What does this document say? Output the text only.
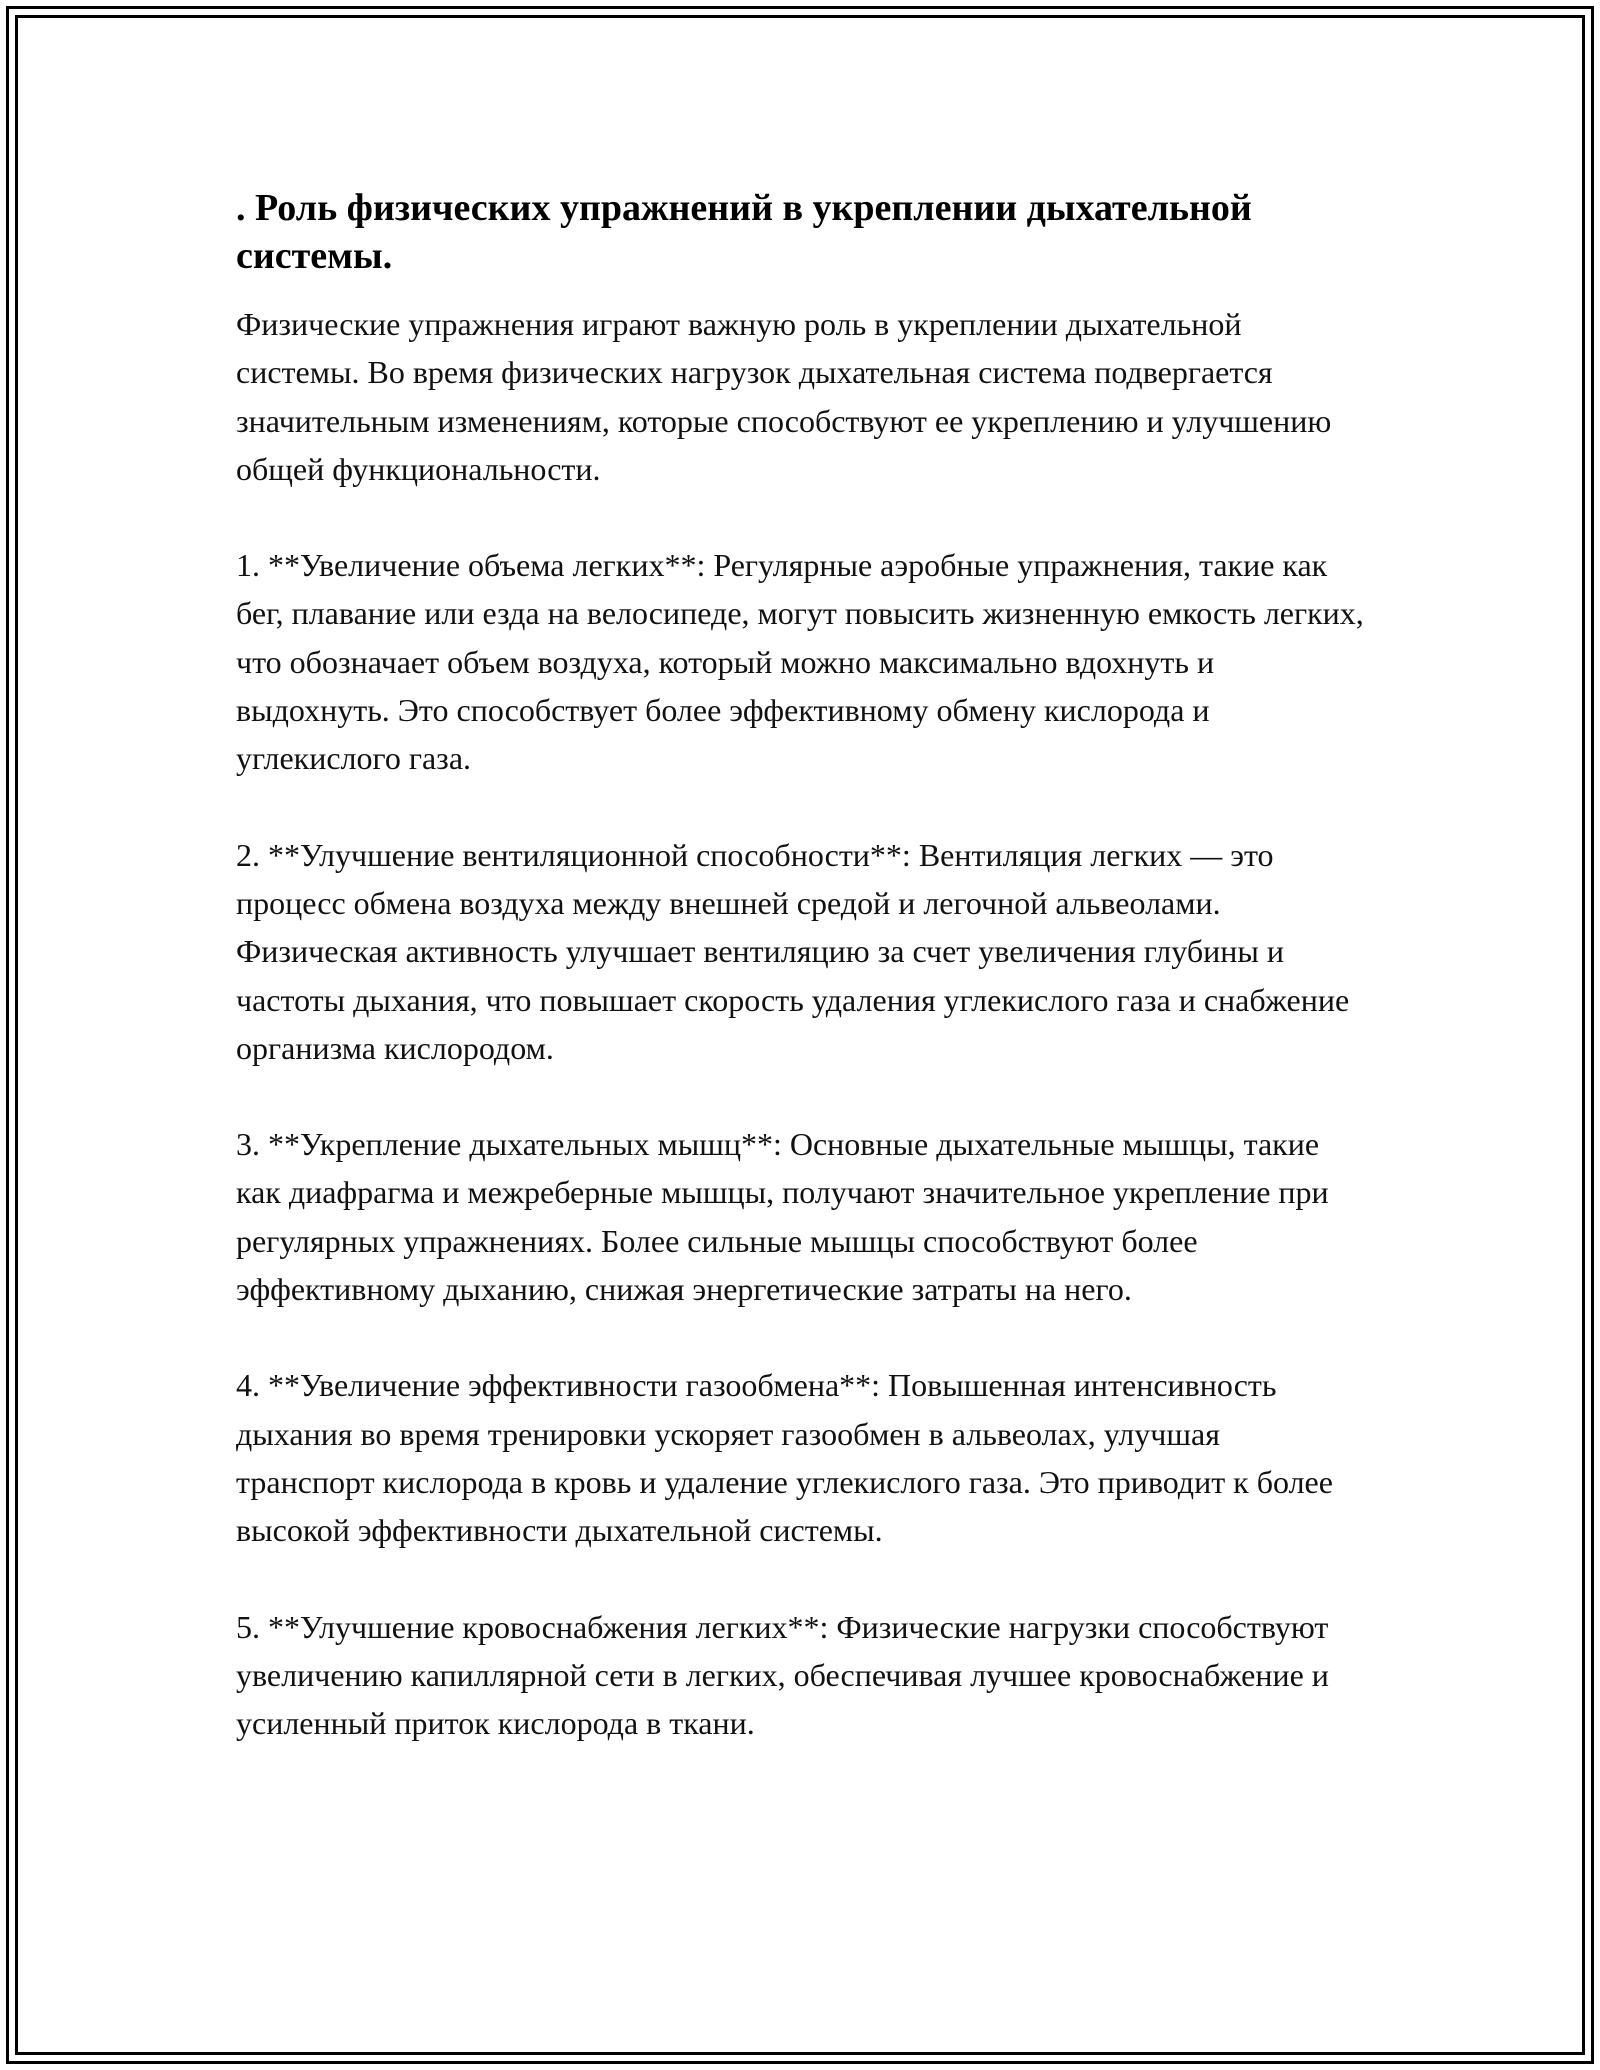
. Роль физических упражнений в укреплении дыхательной системы.

Физические упражнения играют важную роль в укреплении дыхательной системы. Во время физических нагрузок дыхательная система подвергается значительным изменениям, которые способствуют ее укреплению и улучшению общей функциональности.

1. **Увеличение объема легких**: Регулярные аэробные упражнения, такие как бег, плавание или езда на велосипеде, могут повысить жизненную емкость легких, что обозначает объем воздуха, который можно максимально вдохнуть и выдохнуть. Это способствует более эффективному обмену кислорода и углекислого газа.

2. **Улучшение вентиляционной способности**: Вентиляция легких — это процесс обмена воздуха между внешней средой и легочной альвеолами. Физическая активность улучшает вентиляцию за счет увеличения глубины и частоты дыхания, что повышает скорость удаления углекислого газа и снабжение организма кислородом.

3. **Укрепление дыхательных мышц**: Основные дыхательные мышцы, такие как диафрагма и межреберные мышцы, получают значительное укрепление при регулярных упражнениях. Более сильные мышцы способствуют более эффективному дыханию, снижая энергетические затраты на него.

4. **Увеличение эффективности газообмена**: Повышенная интенсивность дыхания во время тренировки ускоряет газообмен в альвеолах, улучшая транспорт кислорода в кровь и удаление углекислого газа. Это приводит к более высокой эффективности дыхательной системы.

5. **Улучшение кровоснабжения легких**: Физические нагрузки способствуют увеличению капиллярной сети в легких, обеспечивая лучшее кровоснабжение и усиленный приток кислорода в ткани.
